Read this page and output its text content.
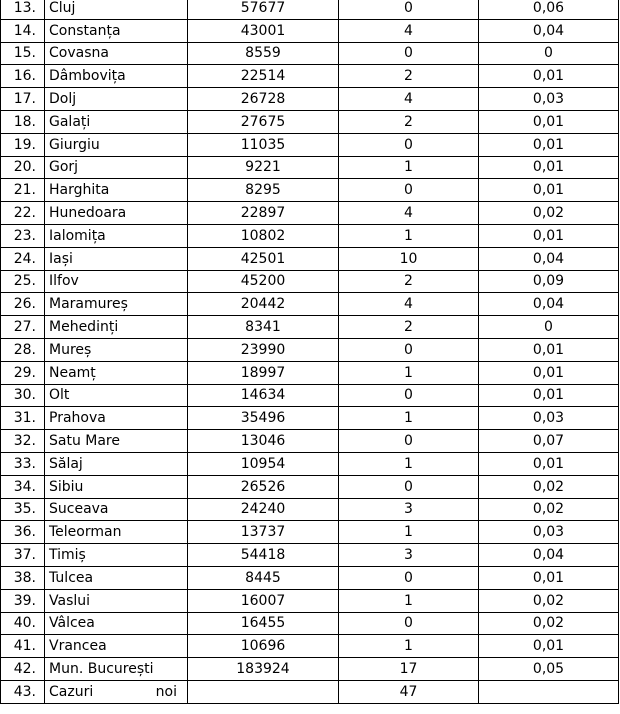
13.	Cluj	57677	0	0,06
14.	Constanța	43001	4	0,04
15.	Covasna	8559	0	0
16.	Dâmbovița	22514	2	0,01
17.	Dolj	26728	4	0,03
18.	Galați	27675	2	0,01
19.	Giurgiu	11035	0	0,01
20.	Gorj	9221	1	0,01
21.	Harghita	8295	0	0,01
22.	Hunedoara	22897	4	0,02
23.	Ialomița	10802	1	0,01
24.	Iași	42501	10	0,04
25.	Ilfov	45200	2	0,09
26.	Maramureș	20442	4	0,04
27.	Mehedinți	8341	2	0
28.	Mureș	23990	0	0,01
29.	Neamț	18997	1	0,01
30.	Olt	14634	0	0,01
31.	Prahova	35496	1	0,03
32.	Satu Mare	13046	0	0,07
33.	Sălaj	10954	1	0,01
34.	Sibiu	26526	0	0,02
35.	Suceava	24240	3	0,02
36.	Teleorman	13737	1	0,03
37.	Timiș	54418	3	0,04
38.	Tulcea	8445	0	0,01
39.	Vaslui	16007	1	0,02
40.	Vâlcea	16455	0	0,02
41.	Vrancea	10696	1	0,01
42.	Mun. București	183924	17	0,05
43.	Cazuri noi		47	
